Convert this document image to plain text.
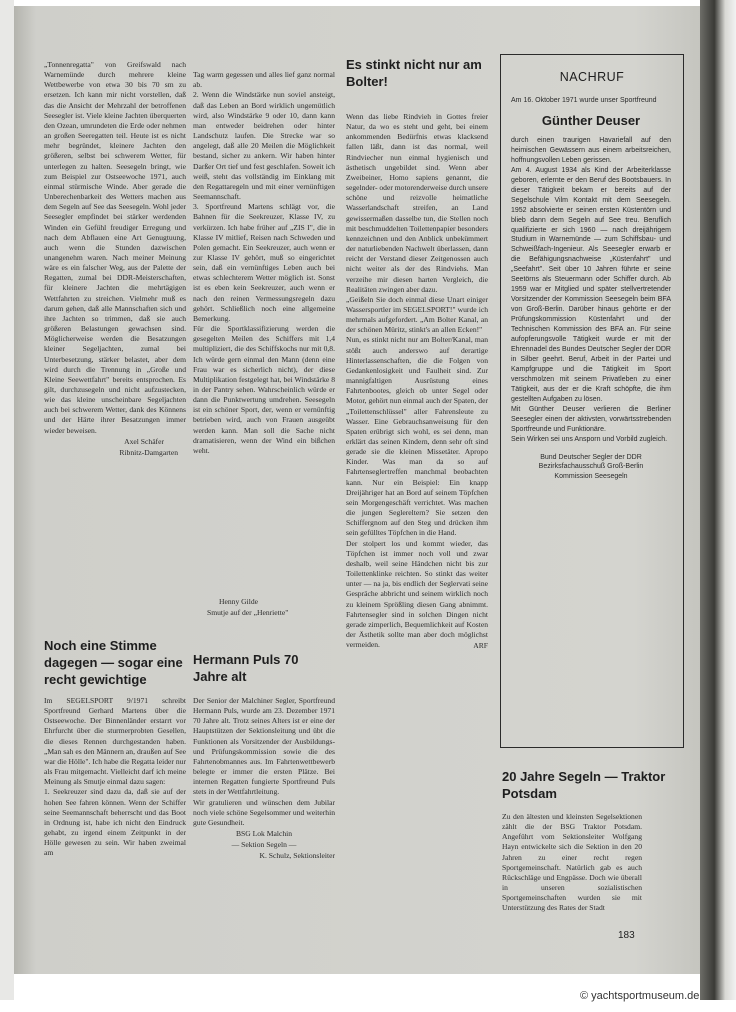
„Tonnenregatta" von Greifswald nach Warnemünde durch mehrere kleine Wettbewerbe von etwa 30 bis 70 sm zu ersetzen. Ich kann mir nicht vorstellen, daß das die Ansicht der Mehrzahl der betroffenen Seesegler ist. Viele kleine Jachten überquerten den Ozean, umrundeten die Erde oder nehmen an großen Seeregatten teil. Heute ist es nicht mehr begründet, kleinere Jachten den größeren, selbst bei schwerem Wetter, für unterlegen zu halten. Seesegeln bringt, wie zum Beispiel zur Ostseewoche 1971, auch einmal stürmische Winde. Aber gerade die Unberechenbarkeit des Wetters machen aus dem Segeln auf See das Seesegeln. Wohl jeder Seesegler empfindet bei stärker werdenden Winden ein Gefühl freudiger Erregung und nach dem Abflauen eine Art Genugtuung, auch wenn die Stunden dazwischen unangenehm waren. Nach meiner Meinung wäre es ein falscher Weg, aus der Palette der Regatten, zumal bei DDR-Meisterschaften, für kleinere Jachten die mehrtägigen Wettfahrten zu streichen. Vielmehr muß es darum gehen, daß alle Mannschaften sich und ihre Jachten so trimmen, daß sie auch größeren Belastungen gewachsen sind. Möglicherweise werden die Besatzungen kleiner Segeljachten, zumal bei Unterbesetzung, stärker belastet, aber dem wird durch die Trennung in „Große und Kleine Seewettfahrt" bereits entsprochen. Es gilt, durchzusegeln und nicht aufzustecken, wie das kleine unscheinbare Segeljachten auch bei schwerem Wetter, dank des Könnens und der Härte ihrer Besatzungen immer wieder beweisen.

Axel Schäfer

Ribnitz-Damgarten

Noch eine Stimme dagegen — sogar eine recht gewichtige
Im SEGELSPORT 9/1971 schreibt Sportfreund Gerhard Martens über die Ostseewoche. Der Binnenländer erstarrt vor Ehrfurcht über die sturmerprobten Gesellen, die dieses Rennen durchgestanden haben. „Man sah es den Männern an, draußen auf See war die Hölle". Ich habe die Regatta leider nur als Frau mitgemacht. Vielleicht darf ich meine Meinung als Smutje einmal dazu sagen:
1. Seekreuzer sind dazu da, daß sie auf der hohen See fahren können. Wenn der Schiffer seine Seemannschaft beherrscht und das Boot in Ordnung ist, habe ich nicht den Eindruck gehabt, zu irgend einem Zeitpunkt in der Hölle gewesen zu sein. Wir haben zweimal am

Tag warm gegessen und alles lief ganz normal ab.
2. Wenn die Windstärke nun soviel ansteigt, daß das Leben an Bord wirklich ungemütlich wird, also Windstärke 9 oder 10, dann kann man entweder beidrehen oder hinter Landschutz laufen. Die Strecke war so angelegt, daß alle 20 Meilen die Möglichkeit bestand, sicher zu ankern. Wir haben hinter Darßer Ort tief und fest geschlafen. Soweit ich weiß, steht das vollständig im Einklang mit den Regattaregeln und mit einer vernünftigen Seemannschaft.
3. Sportfreund Martens schlägt vor, die Bahnen für die Seekreuzer, Klasse IV, zu verkürzen. Ich habe früher auf „ZIS I", die in Klasse IV mitlief, Reisen nach Schweden und Polen gemacht. Ein Seekreuzer, auch wenn er zur Klasse IV gehört, muß so eingerichtet sein, daß ein vernünftiges Leben auch bei etwas schlechterem Wetter möglich ist. Sonst ist es eben kein Seekreuzer, auch wenn er nach den reinen Vermessungsregeln dazu gehört. Schließlich noch eine allgemeine Bemerkung.
Für die Sportklassifizierung werden die gesegelten Meilen des Schiffers mit 1,4 multipliziert, die des Schiffskochs nur mit 0,8. Ich würde gern einmal den Mann (denn eine Frau war es sicherlich nicht), der diese Multiplikation festgelegt hat, bei Windstärke 8 in der Pantry sehen. Wahrscheinlich würde er dann die Punktwertung umdrehen. Seesegeln ist ein schöner Sport, der, wenn er vernünftig betrieben wird, auch von Frauen ausgeübt werden kann. Man soll die Sache nicht dramatisieren, wenn der Wind ein bißchen weht.

Henny Gilde

Smutje auf der „Henriette"

Hermann Puls 70 Jahre alt

Der Senior der Malchiner Segler, Sportfreund Hermann Puls, wurde am 23. Dezember 1971 70 Jahre alt. Trotz seines Alters ist er eine der Hauptstützen der Sektionsleitung und übt die Funktionen als Vorsitzender der Ausbildungs- und Prüfungskommission sowie die des Fahrtenobmannes aus. Im Fahrtenwettbewerb belegte er immer die ersten Plätze. Bei internen Regatten fungierte Sportfreund Puls stets in der Wettfahrtleitung.
Wir gratulieren und wünschen dem Jubilar noch viele schöne Segelsommer und weiterhin gute Gesundheit.

BSG Lok Malchin

— Sektion Segeln —

K. Schulz, Sektionsleiter

Es stinkt nicht nur am Bolter!

Wenn das liebe Rindvieh in Gottes freier Natur, da wo es steht und geht, bei einem ankommenden Bedürfnis etwas klacksend fallen läßt, dann ist das normal, weil Rindviecher nun einmal hygienisch und ästhetisch ungebildet sind. Wenn aber Zweibeiner, Homo sapiens genannt, die segelnder- oder motorenderweise durch unsere schöne und reizvolle heimatliche Wasserlandschaft streifen, an Land gewissermaßen dasselbe tun, die Stellen noch mit beschmuddelten Toilettenpapier besonders kennzeichnen und den Anblick unbekümmert der naturliebenden Nachwelt überlassen, dann reicht der Verstand dieser Zeitgenossen auch nicht weiter als der des Rindviehs. Man verzeihe mir diesen harten Vergleich, die Realitäten zwingen aber dazu.
„Geißeln Sie doch einmal diese Unart einiger Wassersportler im SEGELSPORT!" wurde ich mehrmals aufgefordert. „Am Bolter Kanal, an der schönen Müritz, stinkt's an allen Ecken!"
Nun, es stinkt nicht nur am Bolter/Kanal, man stößt auch anderswo auf derartige Hinterlassenschaften, die die Folgen von Gedankenlosigkeit und Faulheit sind. Zur mannigfaltigen Ausrüstung eines Fahrtenbootes, gleich ob unter Segel oder Motor, gehört nun einmal auch der Spaten, der „Toilettenschlüssel" aller Fahrensleute zu Wasser. Eine Gebrauchsanweisung für den Spaten erübrigt sich wohl, es sei denn, man erklärt das seinen Kindern, denn sehr oft sind gerade sie die kleinen Missetäter. Apropo Kinder. Was man da so auf Fahrtenseglertreffen manchmal beobachten kann. Nur ein Beispiel: Ein knapp Dreijähriger hat an Bord auf seinem Töpfchen sein Morgengeschäft verrichtet. Was machen die jungen Seglereltern? Sie setzen den Schiffergnom auf den Steg und drücken ihm sein gefülltes Töpfchen in die Hand.
Der stolpert los und kommt wieder, das Töpfchen ist immer noch voll und zwar deshalb, weil seine Händchen nicht bis zur Toilettenklinke reichten. So stinkt das weiter unter — na ja, bis endlich der Seglervati seine Gespräche abbricht und seinem wirklich noch zu kleinem Sprößling diesen Gang abnimmt. Fahrtensegler sind in solchen Dingen nicht gerade zimperlich, Bequemlichkeit auf Kosten der Ästhetik sollte man aber doch möglichst vermeiden.	ARF

NACHRUF

Am 16. Oktober 1971 wurde unser Sportfreund

Günther Deuser

durch einen traurigen Havariefall auf den heimischen Gewässern aus einem arbeitsreichen, hoffnungsvollen Leben gerissen.
Am 4. August 1934 als Kind der Arbeiterklasse geboren, erlernte er den Beruf des Bootsbauers. In dieser Tätigkeit bekam er bereits auf der Segelschule Vilm Kontakt mit dem Seesegeln. 1952 absolvierte er seinen ersten Küstentörn und blieb dann dem Segeln auf See treu. Beruflich qualifizierte er sich 1960 — nach dreijährigem Studium in Warnemünde — zum Schiffsbau- und Schweißfach-Ingenieur. Als Seesegler erwarb er die Befähigungsnachweise „Küstenfahrt" und „Seefahrt". Seit über 10 Jahren führte er seine Seetörns als Steuermann oder Schiffer durch. Ab 1959 war er Mitglied und später stellvertretender Vorsitzender der Kommission Seesegeln beim BFA von Groß-Berlin. Darüber hinaus gehörte er der Prüfungskommission Küstenfahrt und der Technischen Kommission des BFA an. Für seine aufopferungsvolle Tätigkeit wurde er mit der Ehrennadel des Bundes Deutscher Segler der DDR in Silber geehrt. Beruf, Arbeit in der Partei und Kampfgruppe und die Tätigkeit im Sport verschmolzen mit seinem Privatleben zu einer Tätigkeit, aus der er die Kraft schöpfte, die ihm gestellten Aufgaben zu lösen.
Mit Günther Deuser verlieren die Berliner Seesegler einen der aktivsten, vorwärtsstrebenden Sportfreunde und Funktionäre.
Sein Wirken sei uns Ansporn und Vorbild zugleich.

Bund Deutscher Segler der DDR

Bezirksfachausschuß Groß-Berlin

Kommission Seesegeln

20 Jahre Segeln — Traktor Potsdam
Zu den ältesten und kleinsten Segelsektionen zählt die der BSG Traktor Potsdam. Angeführt vom Sektionsleiter Wolfgang Hayn entwickelte sich die Sektion in den 20 Jahren zu einer recht regen Sportgemeinschaft. Natürlich gab es auch Rückschläge und Engpässe. Doch wie überall in unseren sozialistischen Sportgemeinschaften wurden sie mit Unterstützung des Rates der Stadt
183
© yachtsportmuseum.de
